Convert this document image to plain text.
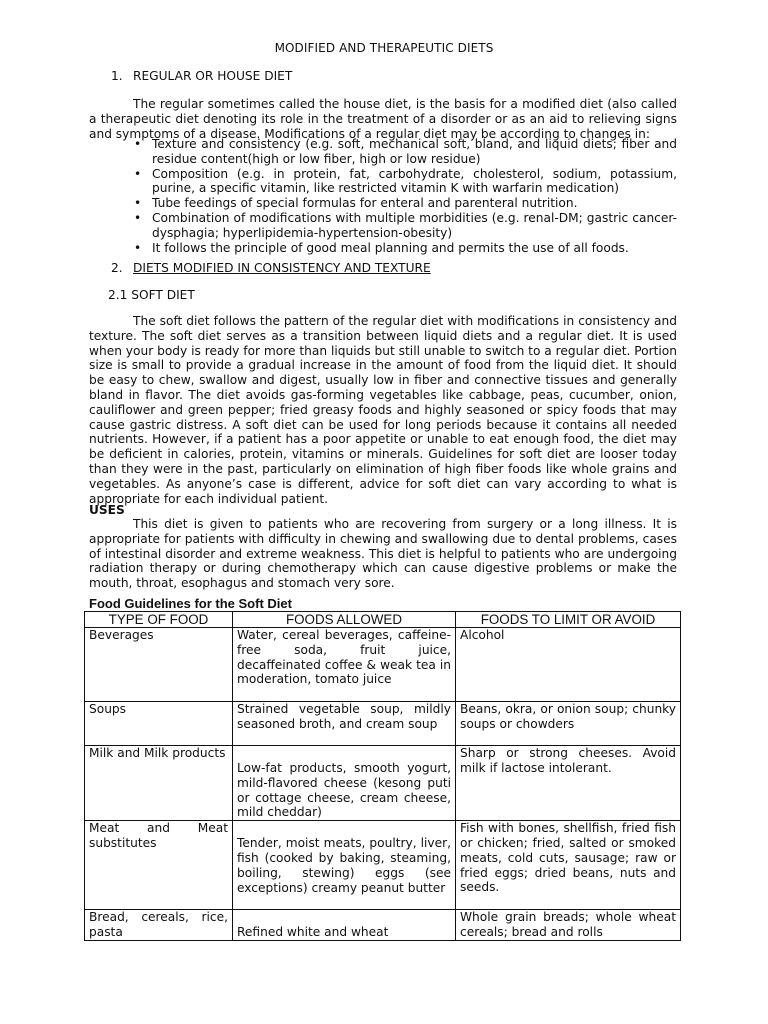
MODIFIED AND THERAPEUTIC DIETS
1. REGULAR OR HOUSE DIET
The regular sometimes called the house diet, is the basis for a modified diet (also called a therapeutic diet denoting its role in the treatment of a disorder or as an aid to relieving signs and symptoms of a disease. Modifications of a regular diet may be according to changes in:
• Texture and consistency (e.g. soft, mechanical soft, bland, and liquid diets; fiber and residue content(high or low fiber, high or low residue)
• Composition (e.g. in protein, fat, carbohydrate, cholesterol, sodium, potassium, purine, a specific vitamin, like restricted vitamin K with warfarin medication)
• Tube feedings of special formulas for enteral and parenteral nutrition.
• Combination of modifications with multiple morbidities (e.g. renal-DM; gastric cancer-dysphagia; hyperlipidemia-hypertension-obesity)
• It follows the principle of good meal planning and permits the use of all foods.
2. DIETS MODIFIED IN CONSISTENCY AND TEXTURE
2.1 SOFT DIET
The soft diet follows the pattern of the regular diet with modifications in consistency and texture. The soft diet serves as a transition between liquid diets and a regular diet. It is used when your body is ready for more than liquids but still unable to switch to a regular diet. Portion size is small to provide a gradual increase in the amount of food from the liquid diet. It should be easy to chew, swallow and digest, usually low in fiber and connective tissues and generally bland in flavor. The diet avoids gas-forming vegetables like cabbage, peas, cucumber, onion, cauliflower and green pepper; fried greasy foods and highly seasoned or spicy foods that may cause gastric distress. A soft diet can be used for long periods because it contains all needed nutrients. However, if a patient has a poor appetite or unable to eat enough food, the diet may be deficient in calories, protein, vitamins or minerals. Guidelines for soft diet are looser today than they were in the past, particularly on elimination of high fiber foods like whole grains and vegetables. As anyone’s case is different, advice for soft diet can vary according to what is appropriate for each individual patient.
USES
This diet is given to patients who are recovering from surgery or a long illness. It is appropriate for patients with difficulty in chewing and swallowing due to dental problems, cases of intestinal disorder and extreme weakness. This diet is helpful to patients who are undergoing radiation therapy or during chemotherapy which can cause digestive problems or make the mouth, throat, esophagus and stomach very sore.
Food Guidelines for the Soft Diet
TYPE OF FOOD	FOODS ALLOWED	FOODS TO LIMIT OR AVOID
Beverages	Water, cereal beverages, caffeine-free soda, fruit juice, decaffeinated coffee & weak tea in moderation, tomato juice	Alcohol
Soups	Strained vegetable soup, mildly seasoned broth, and cream soup	Beans, okra, or onion soup; chunky soups or chowders
Milk and Milk products	Low-fat products, smooth yogurt, mild-flavored cheese (kesong puti or cottage cheese, cream cheese, mild cheddar)	Sharp or strong cheeses. Avoid milk if lactose intolerant.
Meat and Meat substitutes	Tender, moist meats, poultry, liver, fish (cooked by baking, steaming, boiling, stewing) eggs (see exceptions) creamy peanut butter	Fish with bones, shellfish, fried fish or chicken; fried, salted or smoked meats, cold cuts, sausage; raw or fried eggs; dried beans, nuts and seeds.
Bread, cereals, rice, pasta	Refined white and wheat	Whole grain breads; whole wheat cereals; bread and rolls
